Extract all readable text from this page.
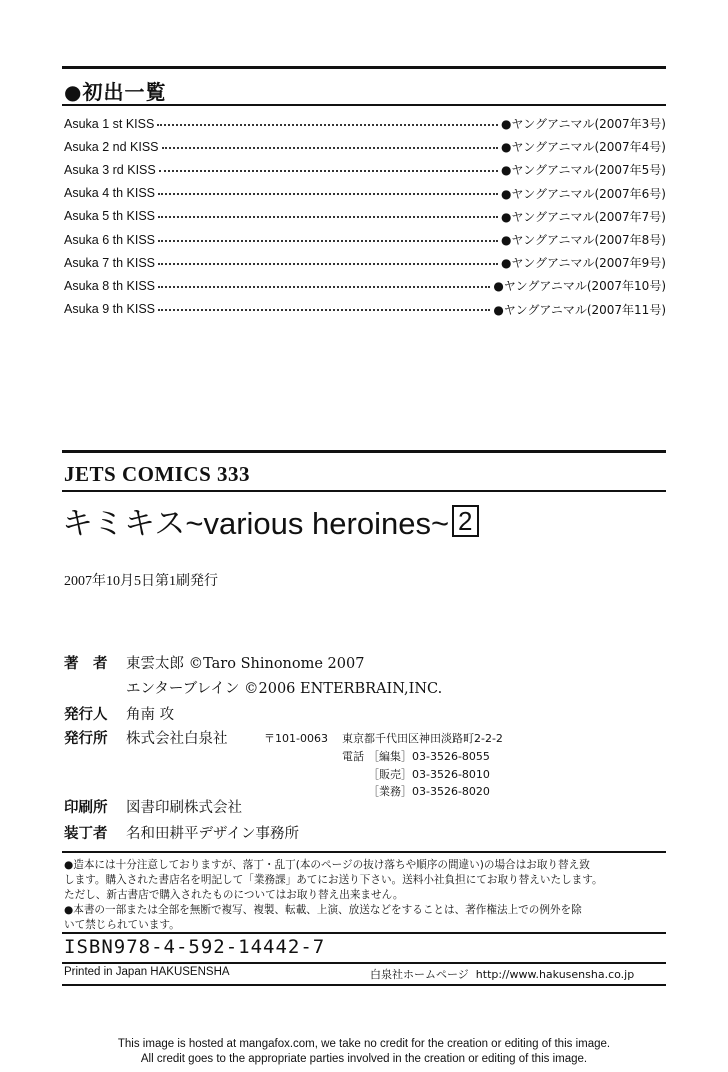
●初出一覧
Asuka 1 st KISS	●ヤングアニマル(2007年3号)
Asuka 2 nd KISS	●ヤングアニマル(2007年4号)
Asuka 3 rd KISS	●ヤングアニマル(2007年5号)
Asuka 4 th KISS	●ヤングアニマル(2007年6号)
Asuka 5 th KISS	●ヤングアニマル(2007年7号)
Asuka 6 th KISS	●ヤングアニマル(2007年8号)
Asuka 7 th KISS	●ヤングアニマル(2007年9号)
Asuka 8 th KISS	●ヤングアニマル(2007年10号)
Asuka 9 th KISS	●ヤングアニマル(2007年11号)
JETS COMICS 333
キミキス~various heroines~ 2
2007年10月5日第1刷発行
著　者 東雲太郎 ©Taro Shinonome 2007
エンターブレイン ©2006 ENTERBRAIN,INC.
発行人 角南 攻
発行所 株式会社白泉社	〒101-0063 東京都千代田区神田淡路町2-2-2
電話 ［編集］03-3526-8055
［販売］03-3526-8010
［業務］03-3526-8020
印刷所 図書印刷株式会社
装丁者 名和田耕平デザイン事務所

●造本には十分注意しておりますが、落丁・乱丁(本のページの抜け落ちや順序の間違い)の場合はお取り替え致

します。購入された書店名を明記して「業務課」あてにお送り下さい。送料小社負担にてお取り替えいたします。

ただし、新古書店で購入されたものについてはお取り替え出来ません。

●本書の一部または全部を無断で複写、複製、転載、上演、放送などをすることは、著作権法上での例外を除

いて禁じられています。

ISBN978-4-592-14442-7
Printed in Japan HAKUSENSHA	白泉社ホームページ http://www.hakusensha.co.jp
This image is hosted at mangafox.com, we take no credit for the creation or editing of this image.
All credit goes to the appropriate parties involved in the creation or editing of this image.
